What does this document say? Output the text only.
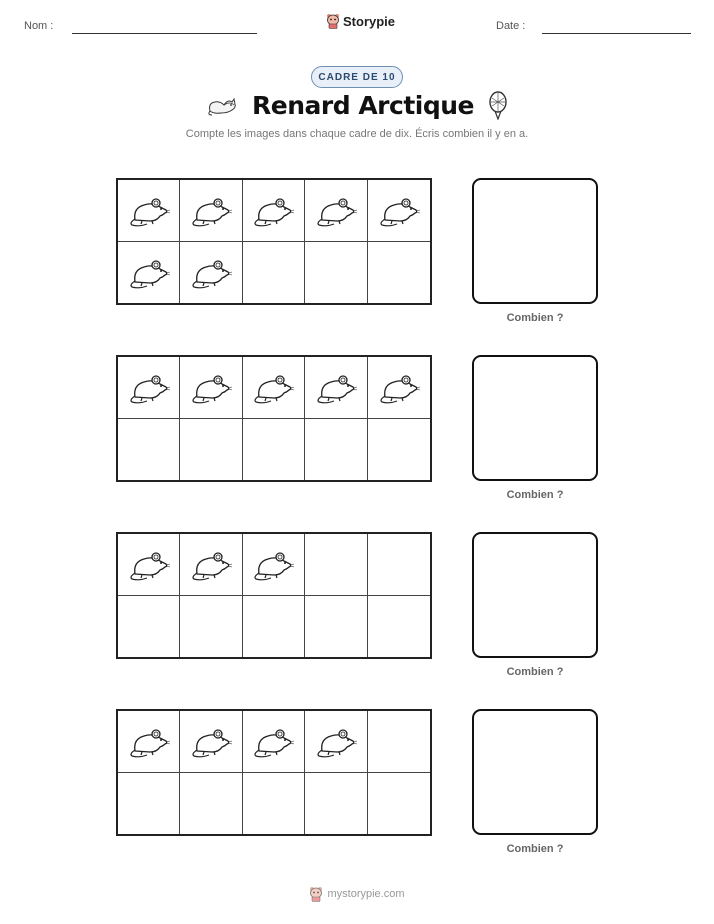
Nom :	Storypie	Date :
CADRE DE 10
Renard Arctique
Compte les images dans chaque cadre de dix. Écris combien il y en a.
Combien ?
Combien ?
Combien ?
Combien ?
mystorypie.com
